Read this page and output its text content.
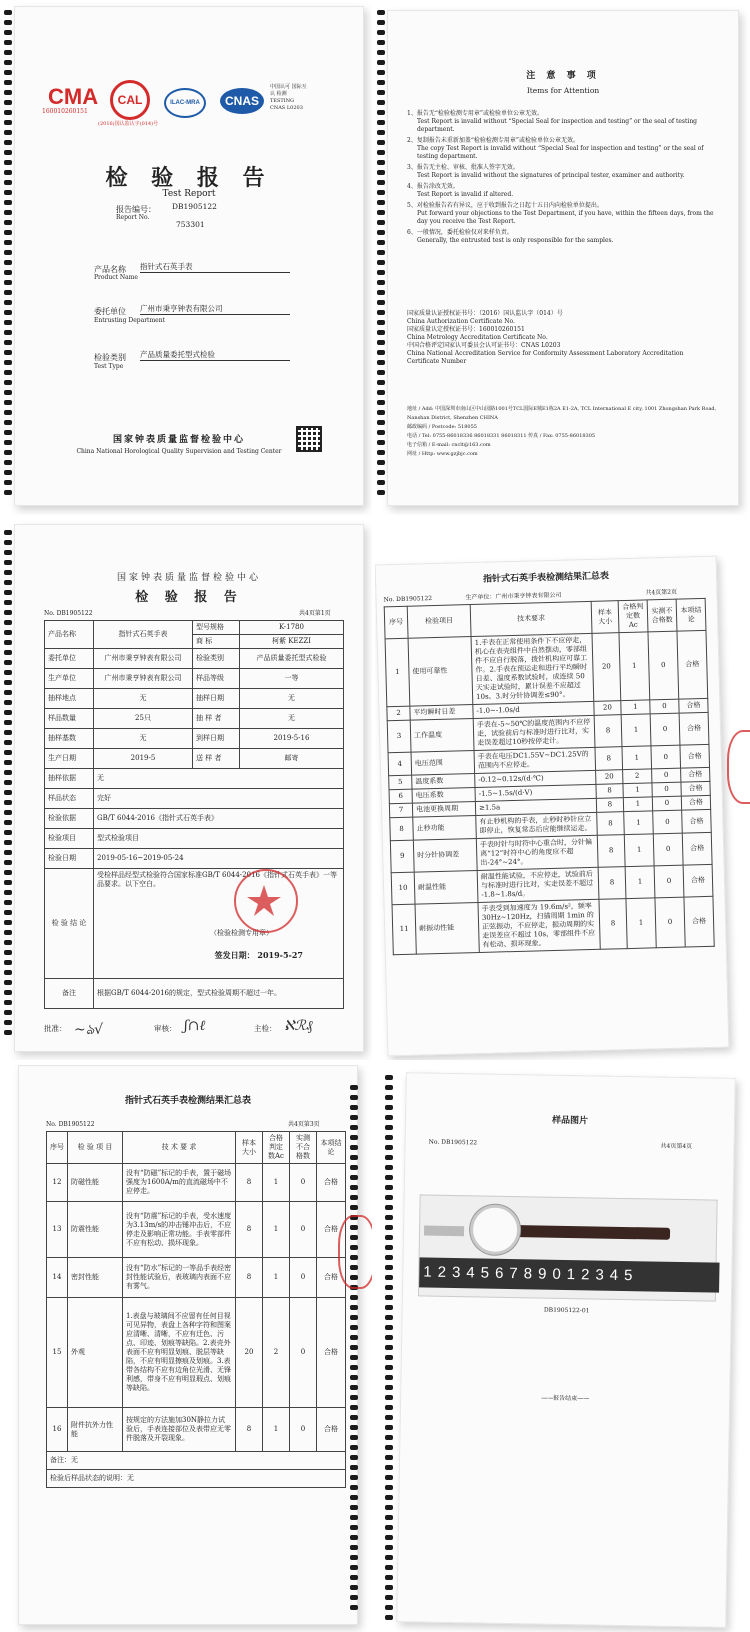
CMA
160010260151
CAL
(2016)国认监认字(014)号
ILAC-MRA	CNAS
中国认可 国际互认 检测 TESTING CNAS L0203
检 验 报 告
Test Report
报告编号： DB1905122
Report No.
753301
产品名称 指针式石英手表
Product Name
委托单位 广州市秉亨钟表有限公司
Entrusting Department
检验类别 产品质量委托型式检验
Test Type
国家钟表质量监督检验中心
China National Horological Quality Supervision and Testing Center
注 意 事 项
Items for Attention
1、报告无“检验检测专用章”或检验单位公章无效。
Test Report is invalid without “Special Seal for inspection and testing” or the seal of testing department.
2、复制报告未重新加盖“检验检测专用章”或检验单位公章无效。
The copy Test Report is invalid without “Special Seal for inspection and testing” or the seal of testing department.
3、报告无主检、审核、批准人签字无效。
Test Report is invalid without the signatures of principal tester, examiner and authority.
4、报告涂改无效。
Test Report is invalid if altered.
5、对检验报告若有异议，应于收到报告之日起十五日内向检验单位提出。
Put forward your objections to the Test Department, if you have, within the fifteen days, from the day you receive the Test Report.
6、一般情况，委托检验仅对来样负责。
Generally, the entrusted test is only responsible for the samples.
国家质量认证授权证书号：（2016）国认监认字（014）号
China Authorization Certificate No.
国家质量认定授权证书号：160010260151
China Metrology Accreditation Certificate No.
中国合格评定国家认可委员会认可证书号：CNAS L0203
China National Accreditation Service for Conformity Assessment Laboratory Accreditation Certificate Number
地址 / Add: 中国深圳市南山区中山园路1001号TCL国际E城E1栋2A E1-2A, TCL International E city, 1001 Zhongshan Park Road, Nanshan District, Shenzhen CHINA
邮政编码 / Postcode: 518055
电话 / Tel: 0755-86018336 86018331 86018311 传真 / Fax: 0755-86018305
电子信箱 / E-mail: cnclt@163.com
网址 / Http: www.gzjbjc.com
国家钟表质量监督检验中心
检 验 报 告
No. DB1905122	共4页第1页
产品名称	指针式石英手表	型号规格	K-1780
		商 标	柯紫 KEZZI
委托单位	广州市秉亨钟表有限公司	检验类别	产品质量委托型式检验
生产单位	广州市秉亨钟表有限公司	样品等级	一等
抽样地点	无	抽样日期	无
样品数量	25只	抽 样 者	无
抽样基数	无	到样日期	2019-5-16
生产日期	2019-5	送 样 者	邮寄
抽样依据	无		
样品状态	完好		
检验依据	GB/T 6044-2016《指针式石英手表》		
检验项目	型式检验项目		
检验日期	2019-05-16~2019-05-24		
检 验 结 论	受检样品经型式检验符合国家标准GB/T 6044-2016《指针式石英手表》一等品要求。以下空白。
（检验检测专用章）
签发日期： 2019-5-27		

备注	根据GB/T 6044-2016的规定，型式检验周期不超过一年。		
批准： ~ঌ√	审核： ʃ∩ℓ	主检： ℵℛ₰
指针式石英手表检测结果汇总表
No. DB1905122	生产单位：广州市秉亨钟表有限公司	共4页第2页
序号	检验项目	技术要求	样本大小	合格判定数Ac	实测不合格数	本项结论
1	使用可靠性	1.手表在正常使用条件下不应停走，机心在表壳组件中自然摆动，零部组件不应自行脱落，拨针机构应可靠工作。2.手表在预运走和进行平均瞬时日差、温度系数试验时，成连续 50 天实走试验时，累计误差不应超过 10s。3.时分针协调差≤90°。	20	1	0	合格
2	平均瞬时日差	-1.0~-1.0s/d	20	1	0	合格
3	工作温度	手表在-5~50℃的温度范围内不应停走，试验前后与标准时进行比对，实走误差超过10秒按停走计。	8	1	0	合格
4	电压范围	手表在电压DC1.55V~DC1.25V的范围内不应停走。	8	1	0	合格
5	温度系数	-0.12~0.12s/(d·℃)	20	2	0	合格
6	电压系数	-1.5~1.5s/(d·V)	8	1	0	合格
7	电池更换周期	≥1.5a	8	1	0	合格
8	止秒功能	有止秒机构的手表，止秒时秒针应立即停止，恢复常态后应能继续运走。	8	1	0	合格
9	时分针协调差	手表时针与时符中心重合时，分针偏离“12”时符中心的角度应不超出-24°~24°。	8	1	0	合格
10	耐温性能	耐温性能试验，不应停走，试验前后与标准时进行比对，实走误差不超过 -1.8~1.8s/d。	8	1	0	合格
11	耐振动性能	手表受到加速度为 19.6m/s²，频率 30Hz~120Hz，扫描周期 1min 的正弦振动，不应停走，振动周期的实走误差应不超过 10s，零部组件不应有松动、损坏现象。	8	1	0	合格
指针式石英手表检测结果汇总表
No. DB1905122	共4页第3页
序号	检 验 项 目	技 术 要 求	样本大小	合格判定数Ac	实测不合格数	本项结论
12	防磁性能	没有“防磁”标记的手表，置于磁场强度为1600A/m的直流磁场中不应停走。	8	1	0	合格
13	防震性能	没有“防震”标记的手表，受水速度为3.13m/s的冲击锤冲击后，不应停走及影响正常功能。手表零部件不应有松动、损坏现象。	8	1	0	合格
14	密封性能	没有“防水”标记的一等品手表经密封性能试验后，表玻璃内表面不应有雾气。	8	1	0	合格
15	外观	1.表盘与玻璃间不应留有任何目视可见异物，表盘上各种字符和图案应清晰、清晰，不应有迁色、污点、印迹、划痕等缺陷。2.表壳外表面不应有明显划痕、脱层等缺陷，不应有明显擦痕及划痕。3.表带各结构不应有边角位光滑、无锋利感，带身不应有明显瑕点、划痕等缺陷。	20	2	0	合格
16	附件抗外力性能	按规定的方法施加30N静拉力试验后，手表连接部位及表带应无零件脱落及开裂现象。	8	1	0	合格
备注：无						
检验后样品状态的说明：无						
样品图片
No. DB1905122	共4页第4页
123456789012345
DB1905122-01
——报告结束——
